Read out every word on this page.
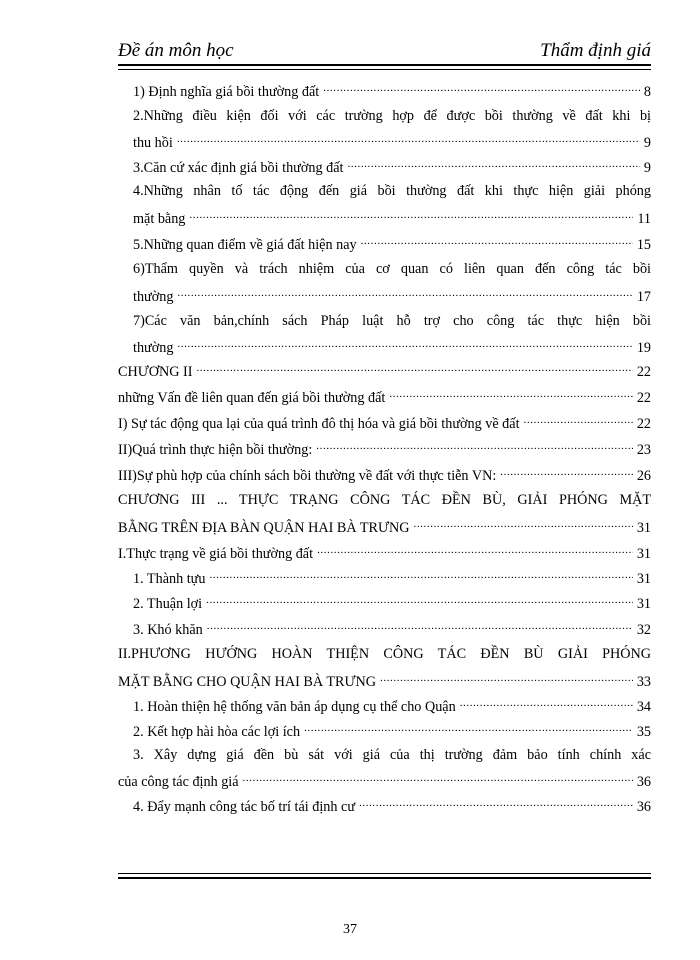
Đề án môn học	Thẩm định giá
1) Định nghĩa giá bồi thường đất .....	8
2.Những điều kiện đối với các trường hợp để được bồi thường về đất khi bị
thu hồi .....	9
3.Căn cứ xác định giá bồi thường đất .....	9
4.Những nhân tố tác động đến giá bồi thường đất khi thực hiện giải phóng
mặt bằng .....	11
5.Những quan điểm về giá đất hiện nay .....	15
6)Thẩm quyền và trách nhiệm của cơ quan có liên quan đến công tác bồi
thường .....	17
7)Các văn bản,chính sách Pháp luật hỗ trợ cho công tác thực hiện bồi
thường .....	19
CHƯƠNG II .....	22
những Vấn đề liên quan đến giá bồi thường đất .....	22
I) Sự tác động qua lại của quá trình đô thị hóa và giá bồi thường về đất .....	22
II)Quá trình thực hiện bồi thường: .....	23
III)Sự phù hợp của chính sách bồi thường về đất với thực tiễn VN: .....	26
CHƯƠNG III ... THỰC TRẠNG CÔNG TÁC ĐỀN BÙ, GIẢI PHÓNG MẶT
BẰNG TRÊN ĐỊA BÀN QUẬN HAI BÀ TRƯNG .....	31
I.Thực trạng về giá bồi thường đất .....	31
1. Thành tựu .....	31
2. Thuận lợi .....	31
3. Khó khăn .....	32
II.PHƯƠNG HƯỚNG HOÀN THIỆN CÔNG TÁC ĐỀN BÙ GIẢI PHÓNG
MẶT BẰNG CHO QUẬN HAI BÀ TRƯNG .....	33
1. Hoàn thiện hệ thống văn bản áp dụng cụ thể cho Quận .....	34
2. Kết hợp hài hòa các lợi ích .....	35
3. Xây dựng giá đền bù sát với giá của thị trường đảm bảo tính chính xác
của công tác định giá .....	36
4. Đẩy mạnh công tác bố trí tái định cư .....	36
37
